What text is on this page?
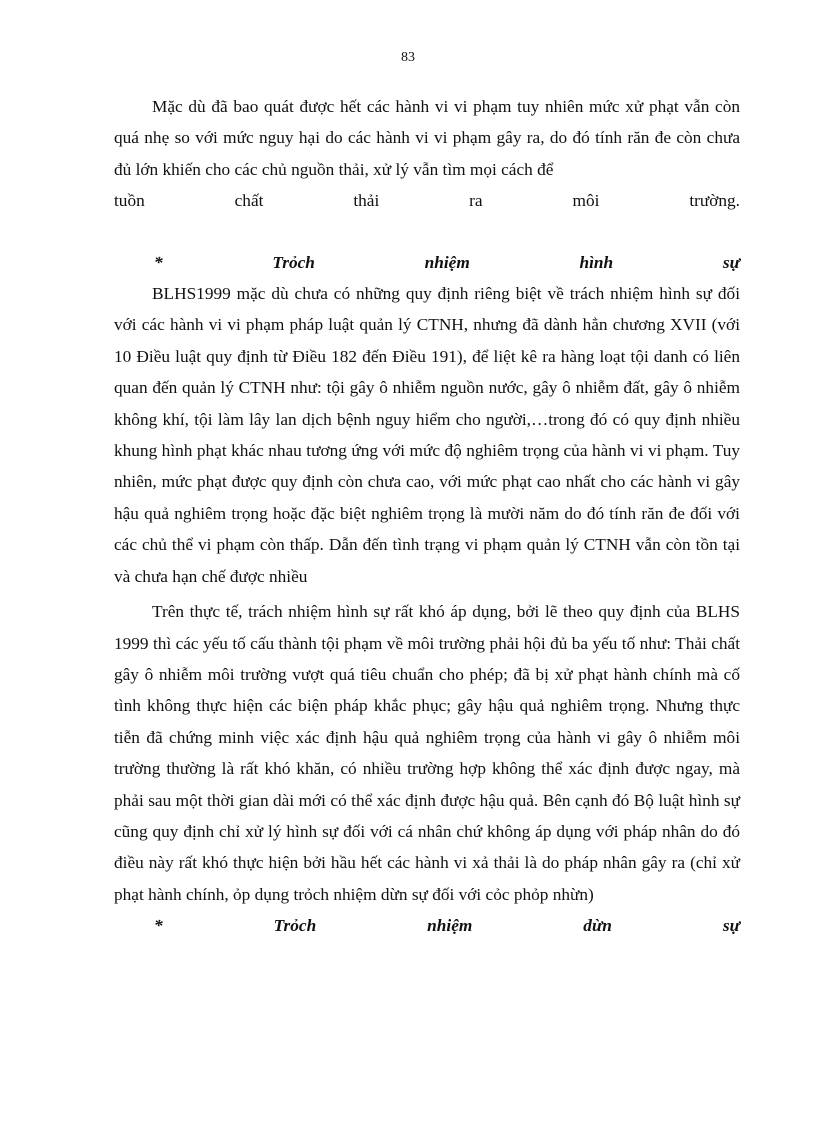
83

Mặc dù đã bao quát được hết các hành vi vi phạm tuy nhiên mức xử phạt vẫn còn quá nhẹ so với mức nguy hại do các hành vi vi phạm gây ra, do đó tính răn đe còn chưa đủ lớn khiến cho các chủ nguồn thải, xử lý vẫn tìm mọi cách để

tuồn	chất	thải	ra	môi	trường.

*	Trỏch	nhiệm	hình	sự

BLHS1999 mặc dù chưa có những quy định riêng biệt về trách nhiệm hình sự đối với các hành vi vi phạm pháp luật quản lý CTNH, nhưng đã dành hẳn chương XVII (với 10 Điều luật quy định từ Điều 182 đến Điều 191), để liệt kê ra hàng loạt tội danh có liên quan đến quản lý CTNH như: tội gây ô nhiễm nguồn nước, gây ô nhiễm đất, gây ô nhiễm không khí, tội làm lây lan dịch bệnh nguy hiểm cho người,…trong đó có quy định nhiều khung hình phạt khác nhau tương ứng với mức độ nghiêm trọng của hành vi vi phạm. Tuy nhiên, mức phạt được quy định còn chưa cao, với mức phạt cao nhất cho các hành vi gây hậu quả nghiêm trọng hoặc đặc biệt nghiêm trọng là mười năm do đó tính răn đe đối với các chủ thể vi phạm còn thấp. Dẫn đến tình trạng vi phạm quản lý CTNH vẫn còn tồn tại và chưa hạn chế được nhiều

Trên thực tế, trách nhiệm hình sự rất khó áp dụng, bởi lẽ theo quy định của BLHS 1999 thì các yếu tố cấu thành tội phạm về môi trường phải hội đủ ba yếu tố như: Thải chất gây ô nhiễm môi trường vượt quá tiêu chuẩn cho phép; đã bị xử phạt hành chính mà cố tình không thực hiện các biện pháp khắc phục; gây hậu quả nghiêm trọng. Nhưng thực tiễn đã chứng minh việc xác định hậu quả nghiêm trọng của hành vi gây ô nhiễm môi trường thường là rất khó khăn, có nhiều trường hợp không thể xác định được ngay, mà phải sau một thời gian dài mới có thể xác định được hậu quả. Bên cạnh đó Bộ luật hình sự cũng quy định chỉ xử lý hình sự đối với cá nhân chứ không áp dụng với pháp nhân do đó điều này rất khó thực hiện bởi hầu hết các hành vi xả thải là do pháp nhân gây ra (chỉ xử phạt hành chính, ỏp dụng trỏch nhiệm dừn sự đối với cỏc phỏp nhừn)

*	Trỏch	nhiệm	dừn	sự
